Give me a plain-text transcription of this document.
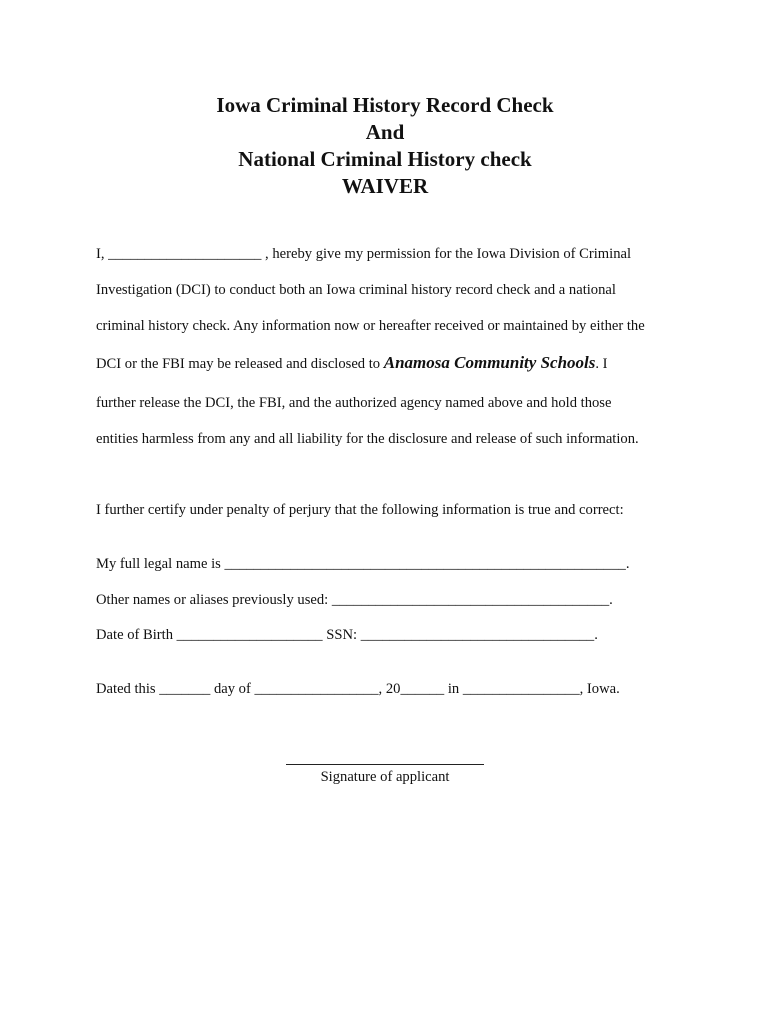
Iowa Criminal History Record Check
And
National Criminal History check
WAIVER
I, _____________________ , hereby give my permission for the Iowa Division of Criminal
Investigation (DCI) to conduct both an Iowa criminal history record check and a national
criminal history check. Any information now or hereafter received or maintained by either the
DCI or the FBI may be released and disclosed to Anamosa Community Schools. I
further release the DCI, the FBI, and the authorized agency named above and hold those
entities harmless from any and all liability for the disclosure and release of such information.
I further certify under penalty of perjury that the following information is true and correct:
My full legal name is _______________________________________________________.
Other names or aliases previously used: ______________________________________.
Date of Birth ____________________ SSN: ________________________________.
Dated this _______ day of _________________, 20______ in ________________, Iowa.
Signature of applicant
